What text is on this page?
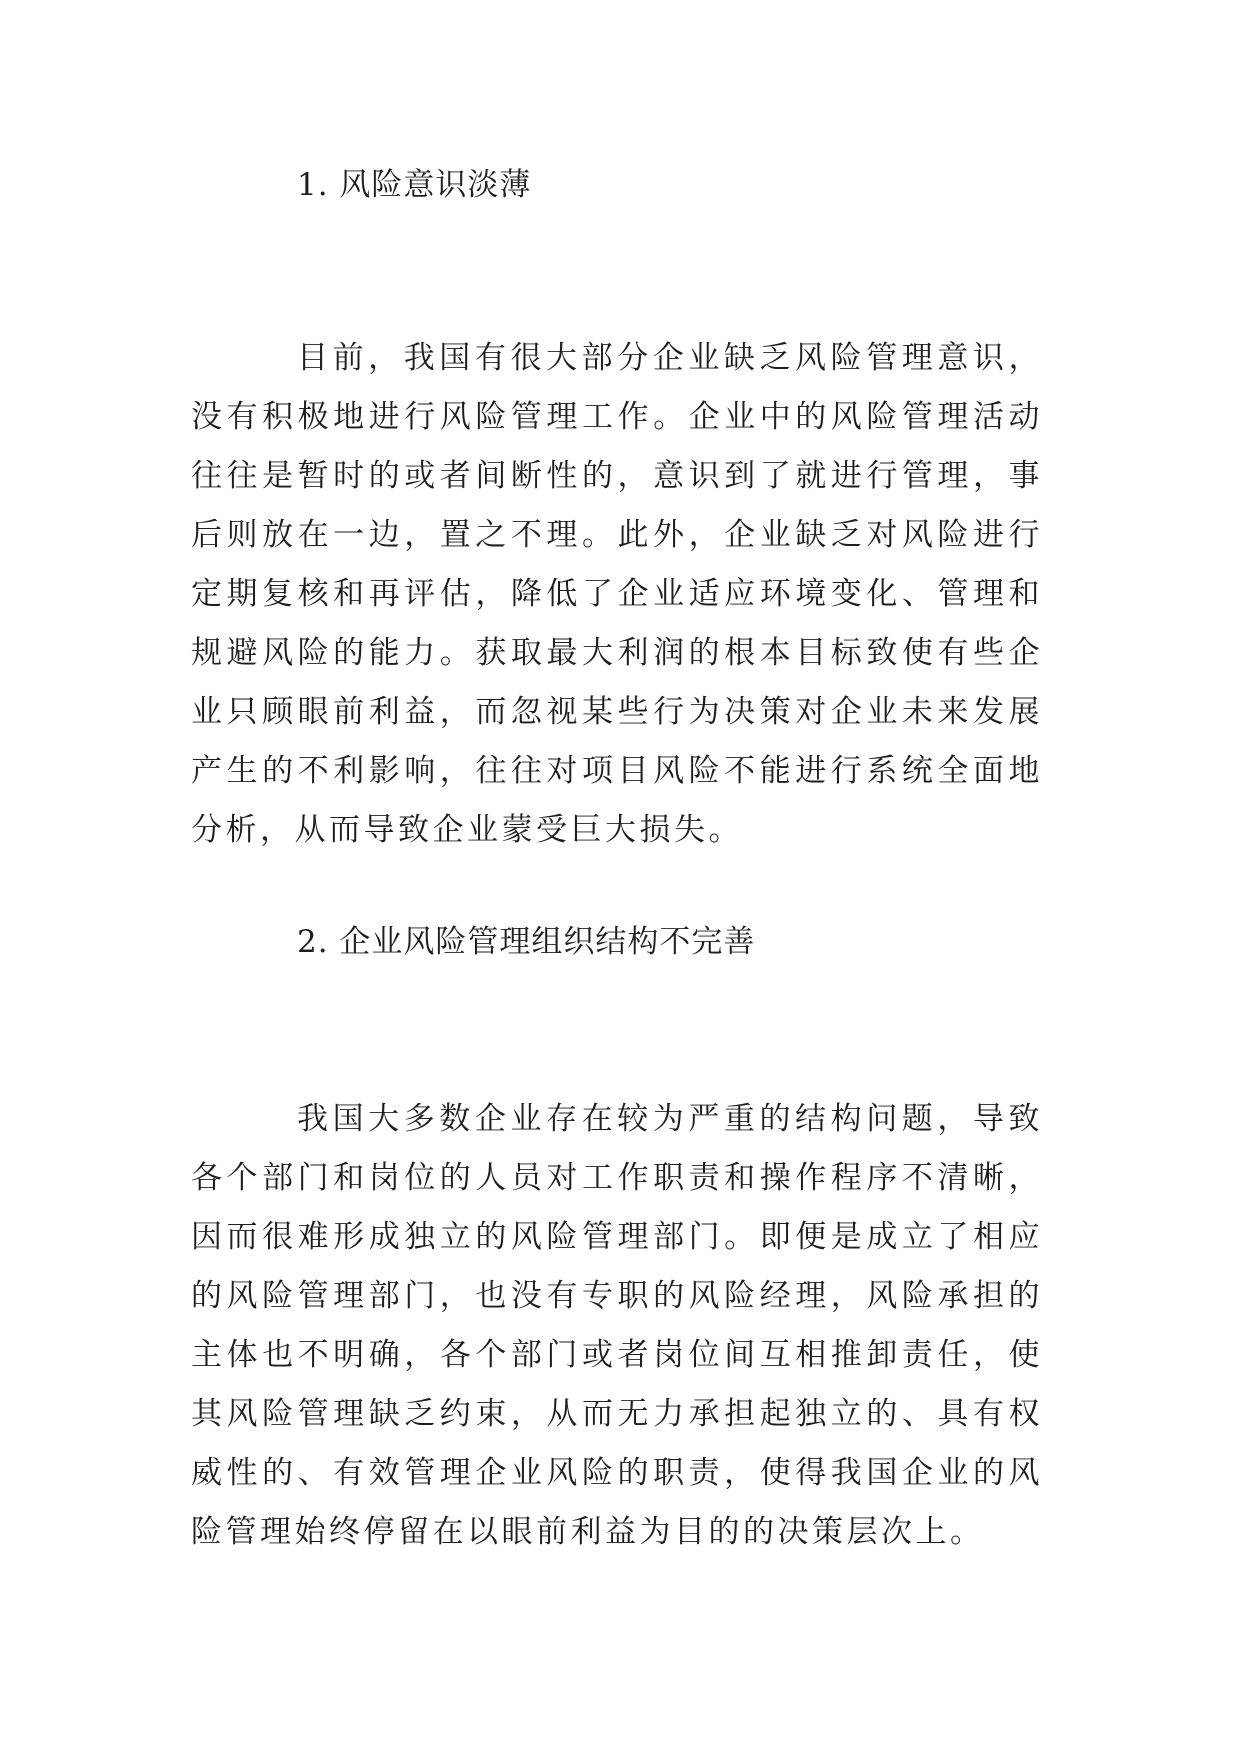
1. 风险意识淡薄

目前，我国有很大部分企业缺乏风险管理意识，没有积极地进行风险管理工作。企业中的风险管理活动往往是暂时的或者间断性的，意识到了就进行管理，事后则放在一边，置之不理。此外，企业缺乏对风险进行定期复核和再评估，降低了企业适应环境变化、管理和规避风险的能力。获取最大利润的根本目标致使有些企业只顾眼前利益，而忽视某些行为决策对企业未来发展产生的不利影响，往往对项目风险不能进行系统全面地分析，从而导致企业蒙受巨大损失。

2. 企业风险管理组织结构不完善

我国大多数企业存在较为严重的结构问题，导致各个部门和岗位的人员对工作职责和操作程序不清晰，因而很难形成独立的风险管理部门。即便是成立了相应的风险管理部门，也没有专职的风险经理，风险承担的主体也不明确，各个部门或者岗位间互相推卸责任，使其风险管理缺乏约束，从而无力承担起独立的、具有权威性的、有效管理企业风险的职责，使得我国企业的风险管理始终停留在以眼前利益为目的的决策层次上。
